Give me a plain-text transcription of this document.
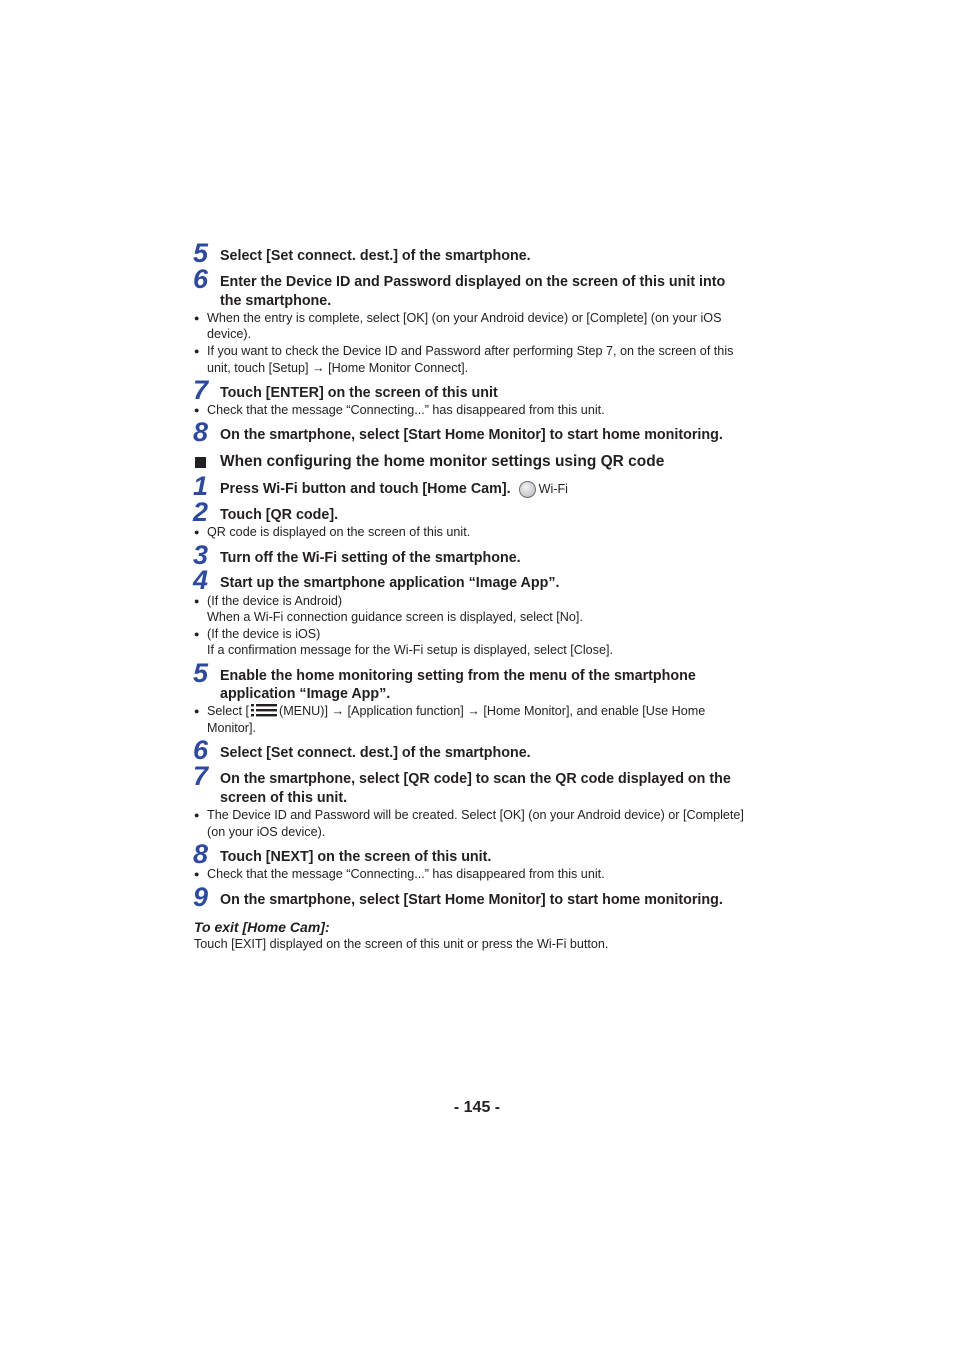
5 Select [Set connect. dest.] of the smartphone.
6 Enter the Device ID and Password displayed on the screen of this unit into
the smartphone.
● When the entry is complete, select [OK] (on your Android device) or [Complete] (on your iOS
device).
● If you want to check the Device ID and Password after performing Step 7, on the screen of this
unit, touch [Setup] → [Home Monitor Connect].
7 Touch [ENTER] on the screen of this unit
● Check that the message “Connecting...” has disappeared from this unit.
8 On the smartphone, select [Start Home Monitor] to start home monitoring.
When configuring the home monitor settings using QR code
1 Press Wi-Fi button and touch [Home Cam]. Wi-Fi
2 Touch [QR code].
● QR code is displayed on the screen of this unit.
3 Turn off the Wi-Fi setting of the smartphone.
4 Start up the smartphone application “Image App”.
● (If the device is Android)
When a Wi-Fi connection guidance screen is displayed, select [No].
● (If the device is iOS)
If a confirmation message for the Wi-Fi setup is displayed, select [Close].
5 Enable the home monitoring setting from the menu of the smartphone
application “Image App”.
● Select [ (MENU)] → [Application function] → [Home Monitor], and enable [Use Home
Monitor].
6 Select [Set connect. dest.] of the smartphone.
7 On the smartphone, select [QR code] to scan the QR code displayed on the
screen of this unit.
● The Device ID and Password will be created. Select [OK] (on your Android device) or [Complete]
(on your iOS device).
8 Touch [NEXT] on the screen of this unit.
● Check that the message “Connecting...” has disappeared from this unit.
9 On the smartphone, select [Start Home Monitor] to start home monitoring.
To exit [Home Cam]:
Touch [EXIT] displayed on the screen of this unit or press the Wi-Fi button.
- 145 -
